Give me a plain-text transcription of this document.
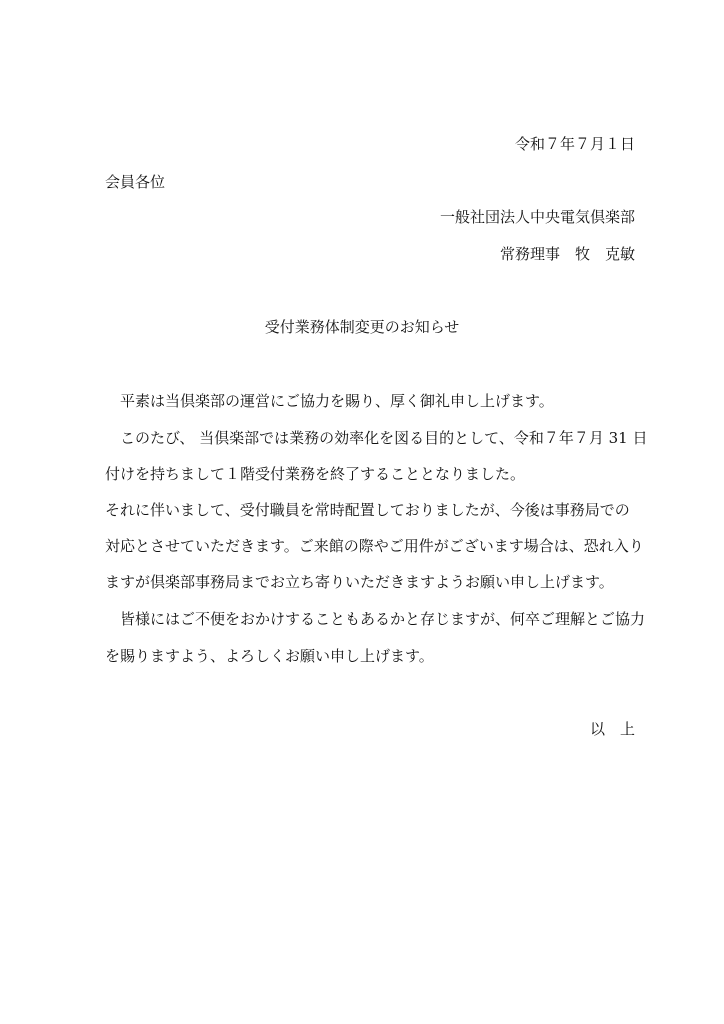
令和７年７月１日
会員各位
一般社団法人中央電気倶楽部
常務理事　牧　克敏
受付業務体制変更のお知らせ
　平素は当倶楽部の運営にご協力を賜り、厚く御礼申し上げます。
　このたび、 当倶楽部では業務の効率化を図る目的として、令和７年７月 31 日
付けを持ちまして１階受付業務を終了することとなりました。
それに伴いまして、受付職員を常時配置しておりましたが、今後は事務局での
対応とさせていただきます。ご来館の際やご用件がございます場合は、恐れ入り
ますが倶楽部事務局までお立ち寄りいただきますようお願い申し上げます。
　皆様にはご不便をおかけすることもあるかと存じますが、何卒ご理解とご協力
を賜りますよう、よろしくお願い申し上げます。
以　上
